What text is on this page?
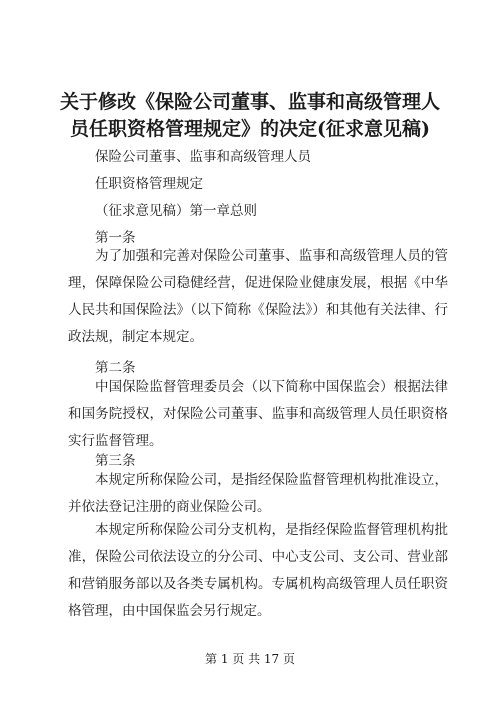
关于修改《保险公司董事、监事和高级管理人
员任职资格管理规定》的决定(征求意见稿)
保险公司董事、监事和高级管理人员
任职资格管理规定
（征求意见稿）第一章总则
第一条

为了加强和完善对保险公司董事、监事和高级管理人员的管理，保障保险公司稳健经营，促进保险业健康发展，根据《中华人民共和国保险法》（以下简称《保险法》）和其他有关法律、行政法规，制定本规定。

第二条

中国保险监督管理委员会（以下简称中国保监会）根据法律和国务院授权，对保险公司董事、监事和高级管理人员任职资格实行监督管理。

第三条

本规定所称保险公司，是指经保险监督管理机构批准设立，并依法登记注册的商业保险公司。

本规定所称保险公司分支机构，是指经保险监督管理机构批准，保险公司依法设立的分公司、中心支公司、支公司、营业部和营销服务部以及各类专属机构。专属机构高级管理人员任职资格管理，由中国保监会另行规定。

第 1 页 共 17 页
